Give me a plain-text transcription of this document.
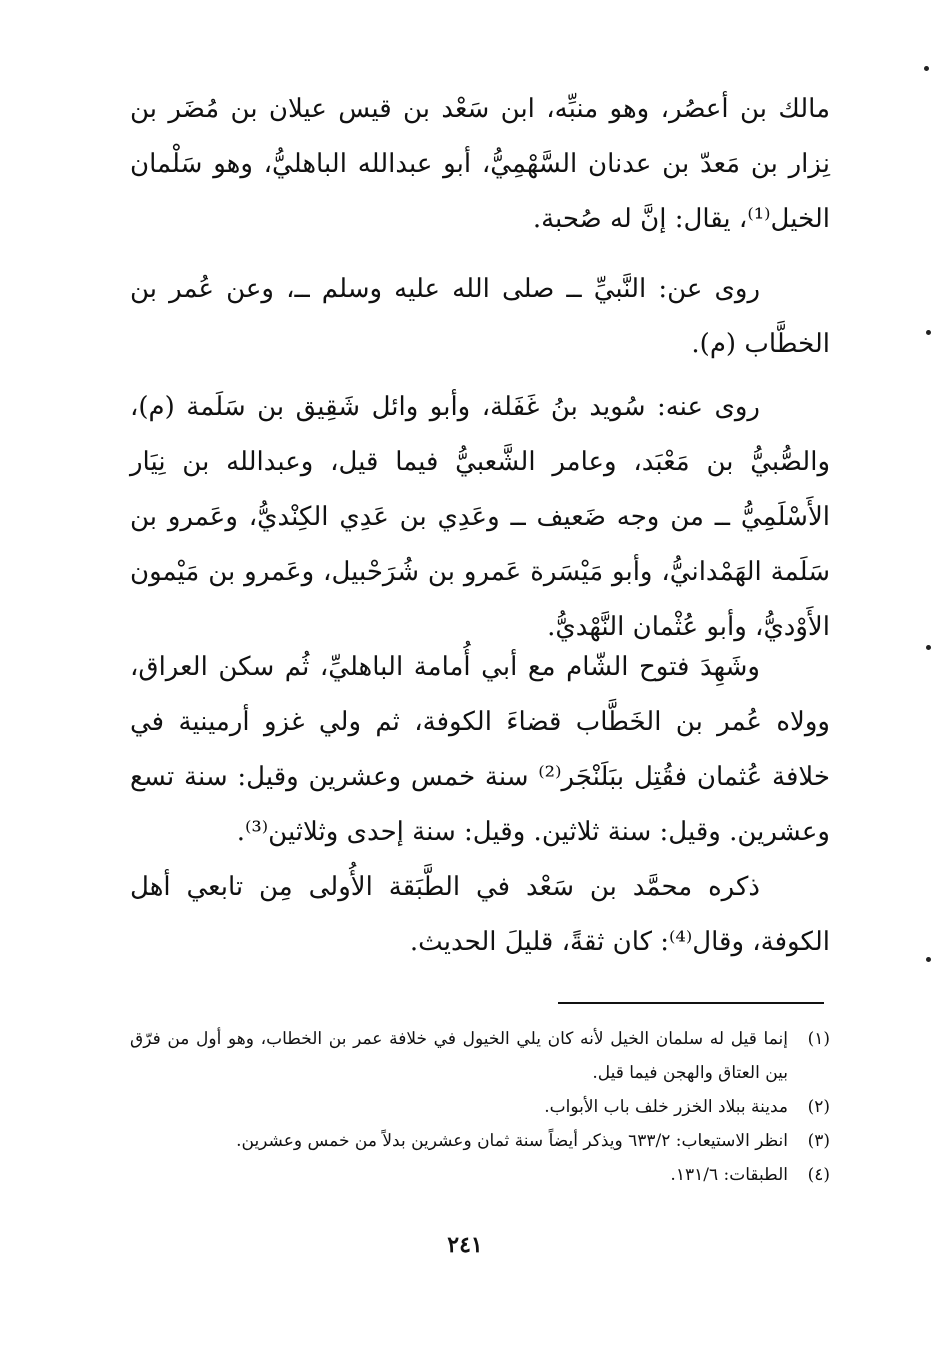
مالك بن أعصُر، وهو منبِّه، ابن سَعْد بن قيس عيلان بن مُضَر بن نِزار بن مَعدّ بن عدنان السَّهْمِيُّ، أبو عبدالله الباهليُّ، وهو سَلْمان الخيل⁽¹⁾، يقال: إنَّ له صُحبة.

روى عن: النَّبيِّ ــ صلى الله عليه وسلم ــ، وعن عُمر بن الخطَّاب (م).

روى عنه: سُويد بنُ غَفَلة، وأبو وائل شَقِيق بن سَلَمة (م)، والصُّبيُّ بن مَعْبَد، وعامر الشَّعبيُّ فيما قيل، وعبدالله بن نِيَار الأَسْلَمِيُّ ــ من وجه ضَعيف ــ وعَدِي بن عَدِي الكِنْديُّ، وعَمرو بن سَلَمة الهَمْدانيُّ، وأبو مَيْسَرة عَمرو بن شُرَحْبيل، وعَمرو بن مَيْمون الأَوْديُّ، وأبو عُثْمان النَّهْديُّ.

وشَهِدَ فتوح الشّام مع أبي أُمامة الباهليِّ، ثُم سكن العراق، وولاه عُمر بن الخَطَّاب قضاءَ الكوفة، ثم ولي غزو أرمينية في خلافة عُثمان فقُتِل ببَلَنْجَر⁽²⁾ سنة خمس وعشرين وقيل: سنة تسع وعشرين. وقيل: سنة ثلاثين. وقيل: سنة إحدى وثلاثين⁽³⁾.

ذكره محمَّد بن سَعْد في الطَّبَقة الأُولى مِن تابعي أهل الكوفة، وقال⁽⁴⁾: كان ثقةً، قليلَ الحديث.

(١)
إنما قيل له سلمان الخيل لأنه كان يلي الخيول في خلافة عمر بن الخطاب، وهو أول من فرّق بين العتاق والهجن فيما قيل.
(٢)
مدينة ببلاد الخزر خلف باب الأبواب.
(٣)
انظر الاستيعاب: ٦٣٣/٢ ويذكر أيضاً سنة ثمان وعشرين بدلاً من خمس وعشرين.
(٤)
الطبقات: ١٣١/٦.
٢٤١
